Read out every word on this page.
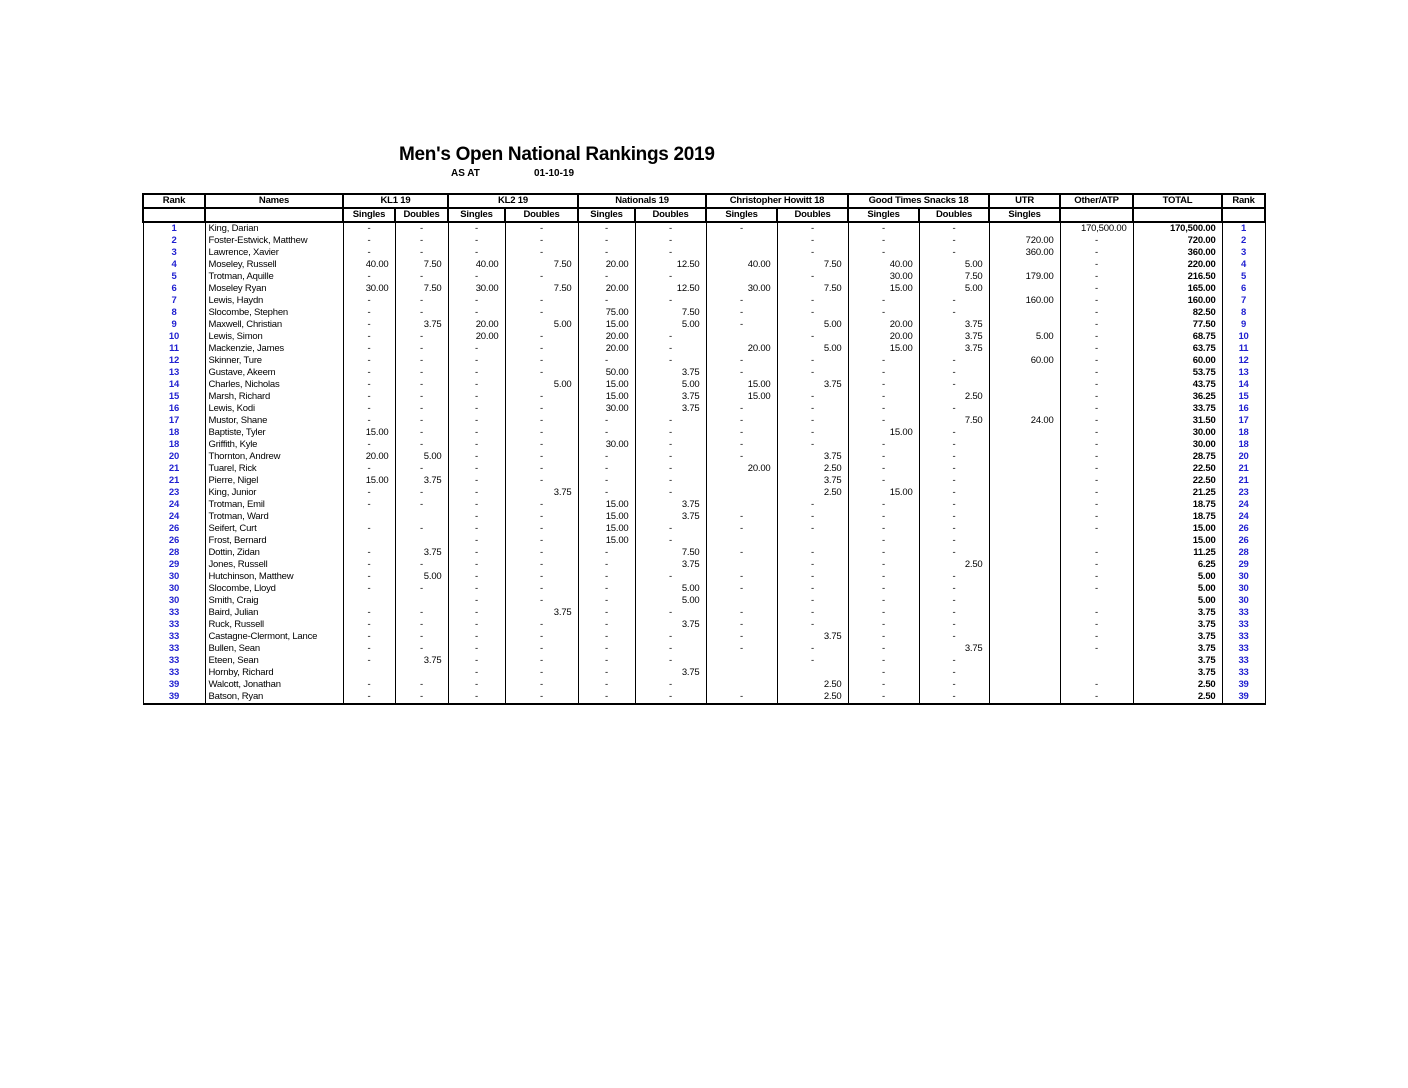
Men's Open National Rankings 2019
AS AT	01-10-19
Rank	Names	KL1 19		KL2 19		Nationals 19		Christopher Howitt 18		Good Times Snacks 18		UTR	Other/ATP	TOTAL	Rank
		Singles	Doubles	Singles	Doubles	Singles	Doubles	Singles	Doubles	Singles	Doubles	Singles			
1	King, Darian	-	-	-	-	-	-	-	-	-	-		170,500.00	170,500.00	1
2	Foster-Estwick, Matthew	-	-	-	-	-	-		-	-	-	720.00	-	720.00	2
3	Lawrence, Xavier	-	-	-	-	-	-		-	-	-	360.00	-	360.00	3
4	Moseley, Russell	40.00	7.50	40.00	7.50	20.00	12.50	40.00	7.50	40.00	5.00		-	220.00	4
5	Trotman, Aquille	-	-	-	-	-	-		-	30.00	7.50	179.00	-	216.50	5
6	Moseley Ryan	30.00	7.50	30.00	7.50	20.00	12.50	30.00	7.50	15.00	5.00		-	165.00	6
7	Lewis, Haydn	-	-	-	-	-	-	-	-	-	-	160.00	-	160.00	7
8	Slocombe, Stephen	-	-	-	-	75.00	7.50	-	-	-	-		-	82.50	8
9	Maxwell, Christian	-	3.75	20.00	5.00	15.00	5.00	-	5.00	20.00	3.75		-	77.50	9
10	Lewis, Simon	-	-	20.00	-	20.00	-		-	20.00	3.75	5.00	-	68.75	10
11	Mackenzie, James	-	-	-	-	20.00	-	20.00	5.00	15.00	3.75		-	63.75	11
12	Skinner, Ture	-	-	-	-	-	-	-	-	-	-	60.00	-	60.00	12
13	Gustave, Akeem	-	-	-	-	50.00	3.75	-	-	-	-		-	53.75	13
14	Charles, Nicholas	-	-	-	5.00	15.00	5.00	15.00	3.75	-	-		-	43.75	14
15	Marsh, Richard	-	-	-	-	15.00	3.75	15.00	-	-	2.50		-	36.25	15
16	Lewis, Kodi	-	-	-	-	30.00	3.75	-	-	-	-		-	33.75	16
17	Mustor, Shane	-	-	-	-	-	-	-	-	-	7.50	24.00	-	31.50	17
18	Baptiste, Tyler	15.00	-	-	-	-	-	-	-	15.00	-		-	30.00	18
18	Griffith, Kyle	-	-	-	-	30.00	-	-	-	-	-		-	30.00	18
20	Thornton, Andrew	20.00	5.00	-	-	-	-	-	3.75	-	-		-	28.75	20
21	Tuarel, Rick	-	-	-	-	-	-	20.00	2.50	-	-		-	22.50	21
21	Pierre, Nigel	15.00	3.75	-	-	-	-		3.75	-	-		-	22.50	21
23	King, Junior	-	-	-	3.75	-	-		2.50	15.00	-		-	21.25	23
24	Trotman, Emil	-	-	-	-	15.00	3.75		-	-	-		-	18.75	24
24	Trotman, Ward			-	-	15.00	3.75	-	-	-	-		-	18.75	24
26	Seifert, Curt	-	-	-	-	15.00	-	-	-	-	-		-	15.00	26
26	Frost, Bernard			-	-	15.00	-			-	-			15.00	26
28	Dottin, Zidan	-	3.75	-	-	-	7.50	-	-	-	-		-	11.25	28
29	Jones, Russell	-	-	-	-	-	3.75		-	-	2.50		-	6.25	29
30	Hutchinson, Matthew	-	5.00	-	-	-	-	-	-	-	-		-	5.00	30
30	Slocombe, Lloyd	-	-	-	-	-	5.00	-	-	-	-		-	5.00	30
30	Smith, Craig			-	-	-	5.00		-	-	-			5.00	30
33	Baird, Julian	-	-	-	3.75	-	-	-	-	-	-		-	3.75	33
33	Ruck, Russell	-	-	-	-	-	3.75	-	-	-	-		-	3.75	33
33	Castagne-Clermont, Lance	-	-	-	-	-	-	-	3.75	-	-		-	3.75	33
33	Bullen, Sean	-	-	-	-	-	-	-	-	-	3.75		-	3.75	33
33	Eteen, Sean	-	3.75	-	-	-	-		-	-	-			3.75	33
33	Hornby, Richard			-	-	-	3.75			-	-			3.75	33
39	Walcott, Jonathan	-	-	-	-	-	-		2.50	-	-		-	2.50	39
39	Batson, Ryan	-	-	-	-	-	-	-	2.50	-	-		-	2.50	39
